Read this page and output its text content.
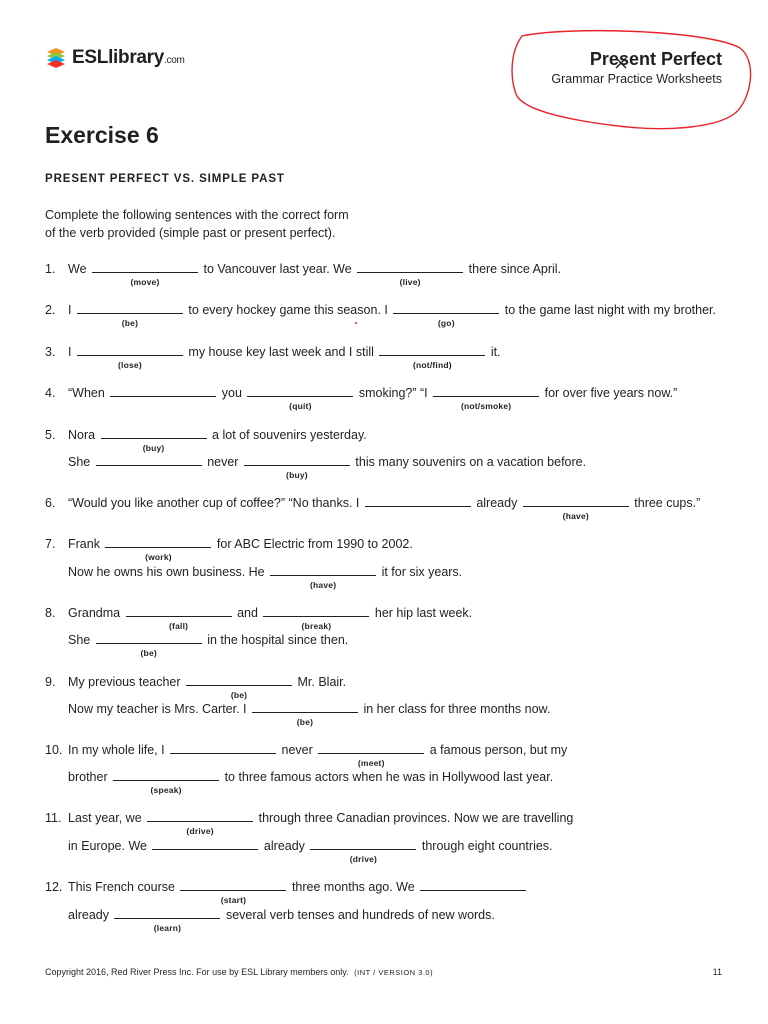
ESLlibrary.com	Present Perfect
Grammar Practice Worksheets
Exercise 6
PRESENT PERFECT VS. SIMPLE PAST
Complete the following sentences with the correct form
of the verb provided (simple past or present perfect).
1. We
(move)
to Vancouver last year. We
(live)
there since April.
2. I
(be)
to every hockey game this season. I
(go)
to the game last night with my brother.
3. I
(lose)
my house key last week and I still
(not/find)
it.
4. “When	you
(quit)
smoking?” “I
(not/smoke)
for over five years now.”
5. Nora
(buy)
a lot of souvenirs yesterday.
She	never
(buy)
this many souvenirs on a vacation before.
6. “Would you like another cup of coffee?” “No thanks. I	already
(have)
three cups.”
7. Frank
(work)
for ABC Electric from 1990 to 2002.
Now he owns his own business. He
(have)
it for six years.
8. Grandma
(fall)
and
(break)
her hip last week.
She
(be)
in the hospital since then.
9. My previous teacher
(be)
Mr. Blair.
Now my teacher is Mrs. Carter. I
(be)
in her class for three months now.
10. In my whole life, I	never
(meet)
a famous person, but my
brother
(speak)
to three famous actors when he was in Hollywood last year.
11. Last year, we
(drive)
through three Canadian provinces. Now we are travelling
in Europe. We	already
(drive)
through eight countries.
12. This French course
(start)
three months ago. We
already
(learn)
several verb tenses and hundreds of new words.
Copyright 2016, Red River Press Inc. For use by ESL Library members only. (INT / VERSION 3.0)	11
